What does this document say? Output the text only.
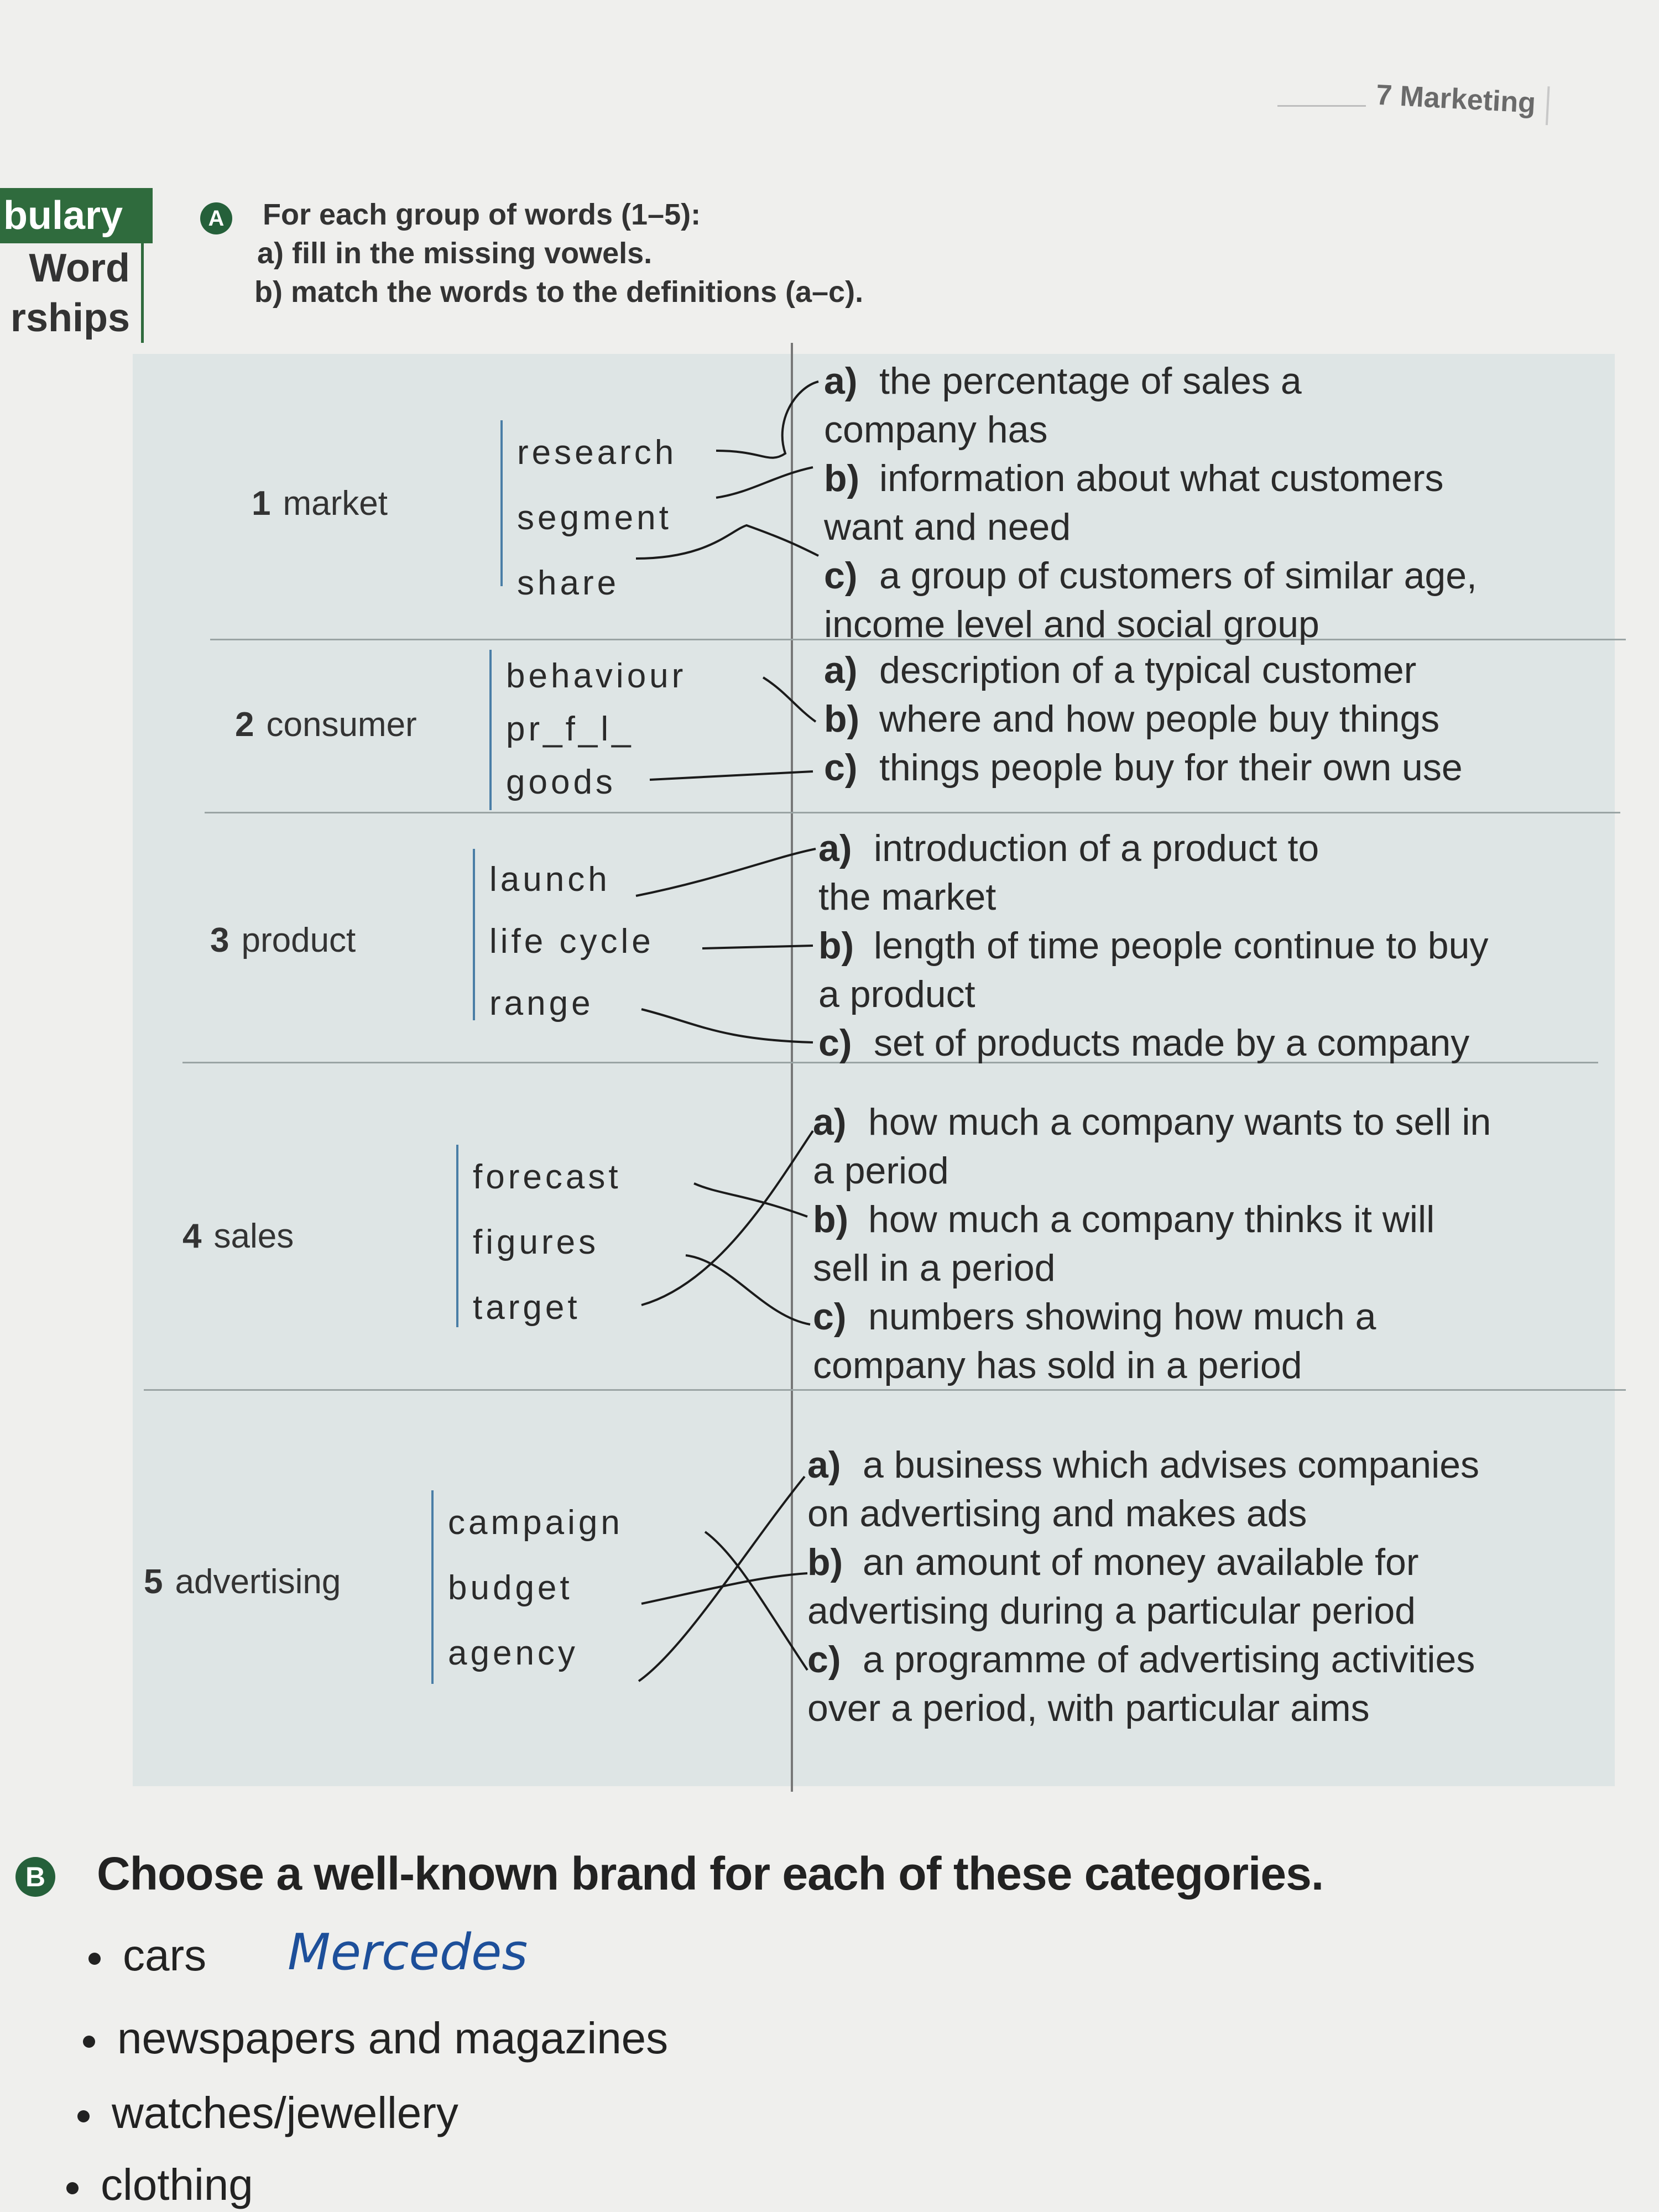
7 Marketing
bulary
Word
rships
A For each group of words (1–5):
a) fill in the missing vowels.
b) match the words to the definitions (a–c).
1 market
research
segment
share
a) the percentage of sales a
company has
b) information about what customers
want and need
c) a group of customers of similar age,
income level and social group
2 consumer
behaviour
pr_f_l_
goods
a) description of a typical customer
b) where and how people buy things
c) things people buy for their own use
3 product
launch
life cycle
range
a) introduction of a product to
the market
b) length of time people continue to buy
a product
c) set of products made by a company
4 sales
forecast
figures
target
a) how much a company wants to sell in
a period
b) how much a company thinks it will
sell in a period
c) numbers showing how much a
company has sold in a period
5 advertising
campaign
budget
agency
a) a business which advises companies
on advertising and makes ads
b) an amount of money available for
advertising during a particular period
c) a programme of advertising activities
over a period, with particular aims
B Choose a well-known brand for each of these categories.
cars Mercedes
newspapers and magazines
watches/jewellery
clothing
